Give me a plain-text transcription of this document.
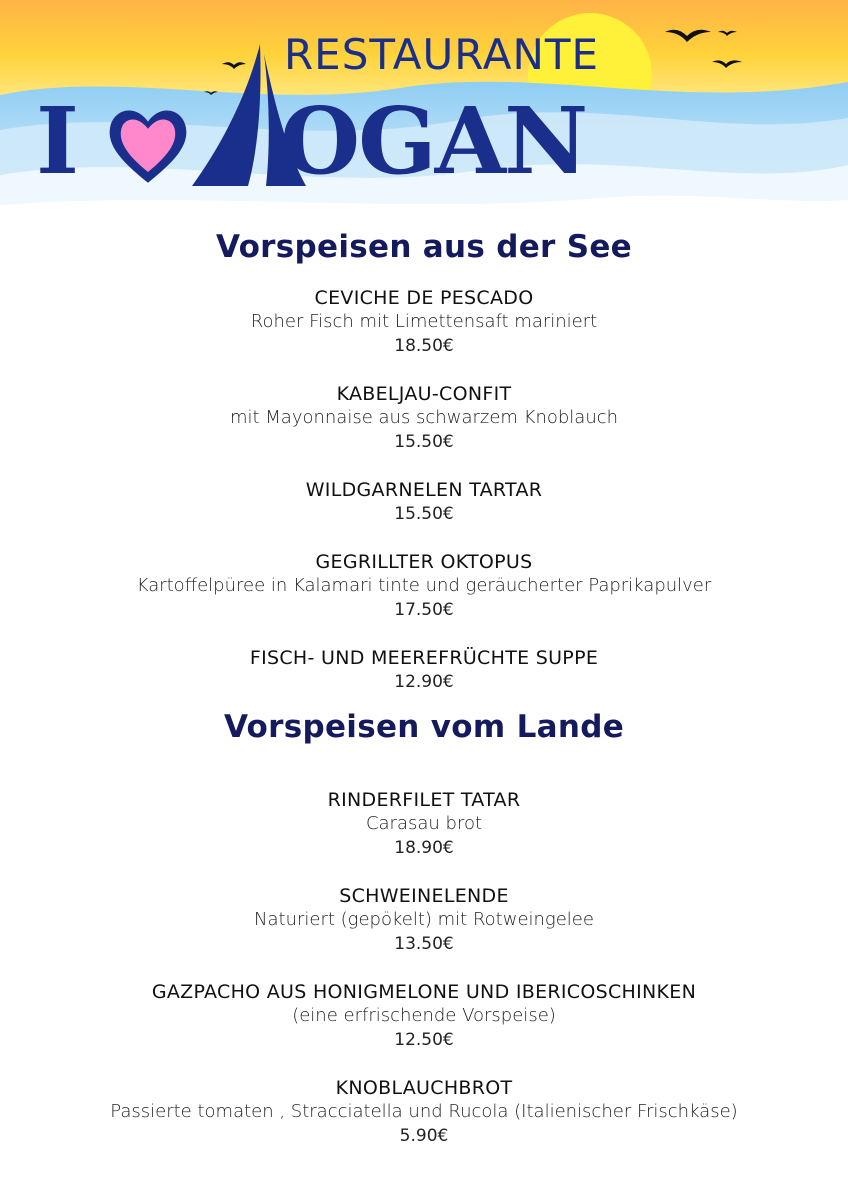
RESTAURANTE
I OGAN
Vorspeisen aus der See
CEVICHE DE PESCADO
Roher Fisch mit Limettensaft mariniert
18.50€
KABELJAU-CONFIT
mit Mayonnaise aus schwarzem Knoblauch
15.50€
WILDGARNELEN TARTAR
15.50€
GEGRILLTER OKTOPUS
Kartoffelpüree in Kalamari tinte und geräucherter Paprikapulver
17.50€
FISCH- UND MEEREFRÜCHTE SUPPE
12.90€
Vorspeisen vom Lande
RINDERFILET TATAR
Carasau brot
18.90€
SCHWEINELENDE
Naturiert (gepökelt) mit Rotweingelee
13.50€
GAZPACHO AUS HONIGMELONE UND IBERICOSCHINKEN
(eine erfrischende Vorspeise)
12.50€
KNOBLAUCHBROT
Passierte tomaten , Stracciatella und Rucola (Italienischer Frischkäse)
5.90€
